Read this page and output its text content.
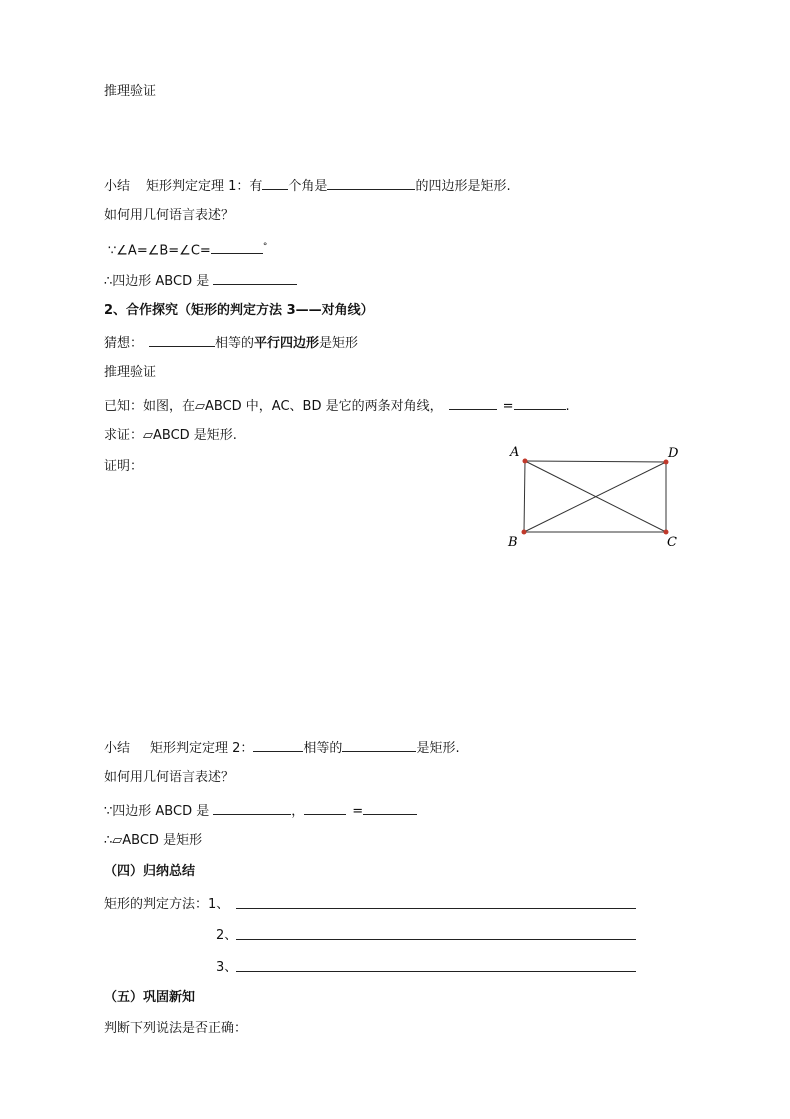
推理验证
小结 矩形判定定理 1：有 个角是	的四边形是矩形.
如何用几何语言表述？
∵∠A=∠B=∠C=	°
∴四边形 ABCD 是
2、合作探究（矩形的判定方法 3——对角线）
猜想：	相等的平行四边形是矩形
推理验证
已知：如图，在▱ABCD 中，AC、BD 是它的两条对角线，	=	.
求证：▱ABCD 是矩形.
证明：
A
B	C
D
小结 矩形判定定理 2：	相等的	是矩形.
如何用几何语言表述？
∵四边形 ABCD 是	，	=
∴▱ABCD 是矩形
（四）归纳总结
矩形的判定方法：1、
2、
3、
（五）巩固新知
判断下列说法是否正确：
